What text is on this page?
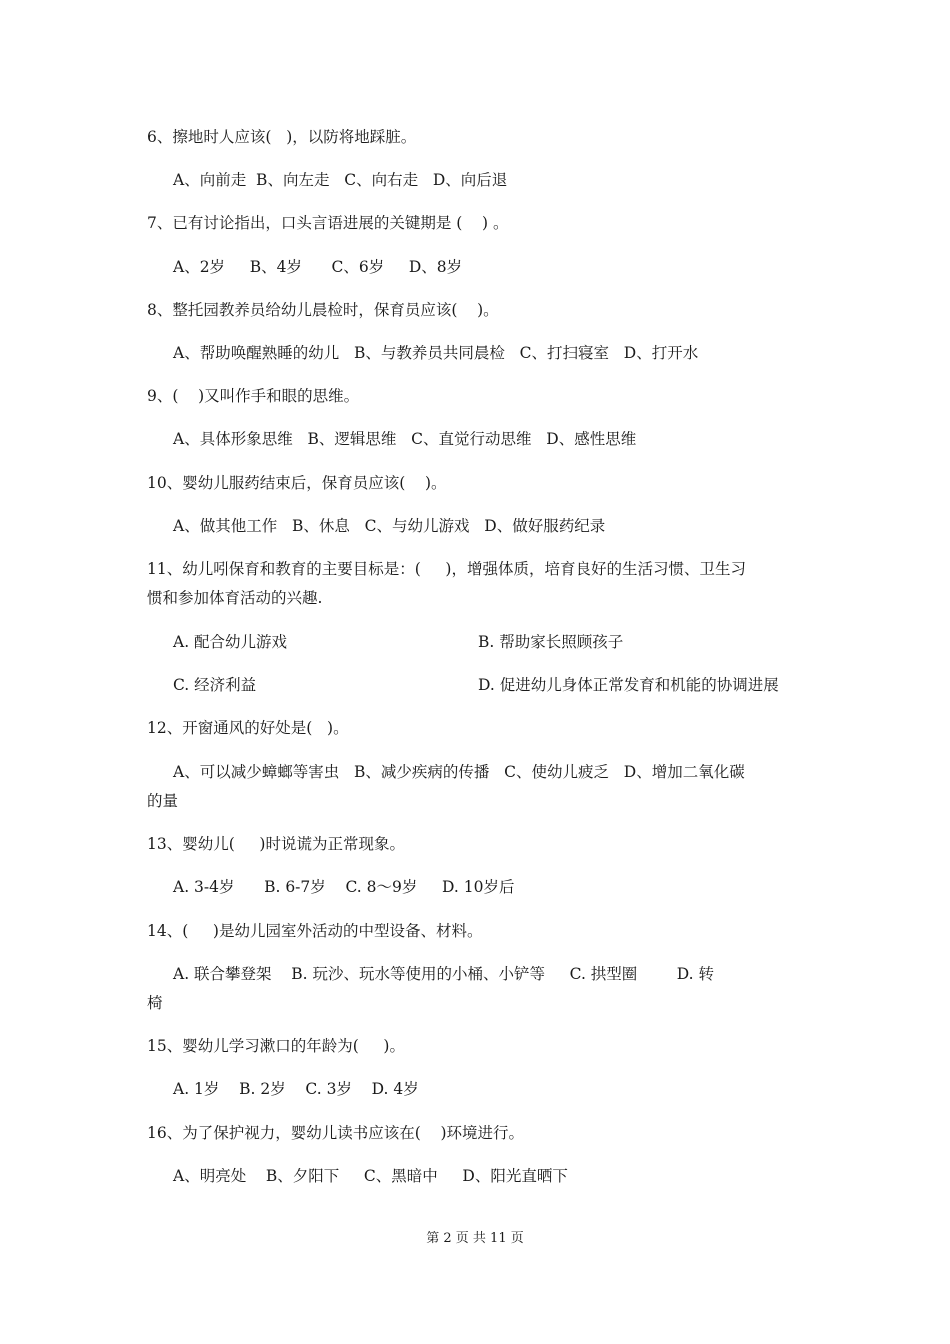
6、擦地时人应该(   )，以防将地踩脏。
A、向前走  B、向左走   C、向右走   D、向后退
7、已有讨论指出，口头言语进展的关键期是 (    ) 。
A、2岁     B、4岁      C、6岁     D、8岁
8、整托园教养员给幼儿晨检时，保育员应该(    )。
A、帮助唤醒熟睡的幼儿   B、与教养员共同晨检   C、打扫寝室   D、打开水
9、(    )又叫作手和眼的思维。
A、具体形象思维   B、逻辑思维   C、直觉行动思维   D、感性思维
10、婴幼儿服药结束后，保育员应该(    )。
A、做其他工作   B、休息   C、与幼儿游戏   D、做好服药纪录
11、幼儿吲保育和教育的主要目标是：(     )，增强体质，培育良好的生活习惯、卫生习
惯和参加体育活动的兴趣.
A. 配合幼儿游戏	B. 帮助家长照顾孩子
C. 经济利益	D. 促进幼儿身体正常发育和机能的协调进展
12、开窗通风的好处是(   )。
A、可以减少蟑螂等害虫   B、减少疾病的传播   C、使幼儿疲乏   D、增加二氧化碳
的量
13、婴幼儿(     )时说谎为正常现象。
A. 3-4岁      B. 6-7岁    C. 8～9岁     D. 10岁后
14、(     )是幼儿园室外活动的中型设备、材料。
A. 联合攀登架    B. 玩沙、玩水等使用的小桶、小铲等     C. 拱型圈        D. 转
椅
15、婴幼儿学习漱口的年龄为(     )。
A. 1岁    B. 2岁    C. 3岁    D. 4岁
16、为了保护视力，婴幼儿读书应该在(    )环境进行。
A、明亮处    B、夕阳下     C、黑暗中     D、阳光直晒下
第 2 页 共 11 页
